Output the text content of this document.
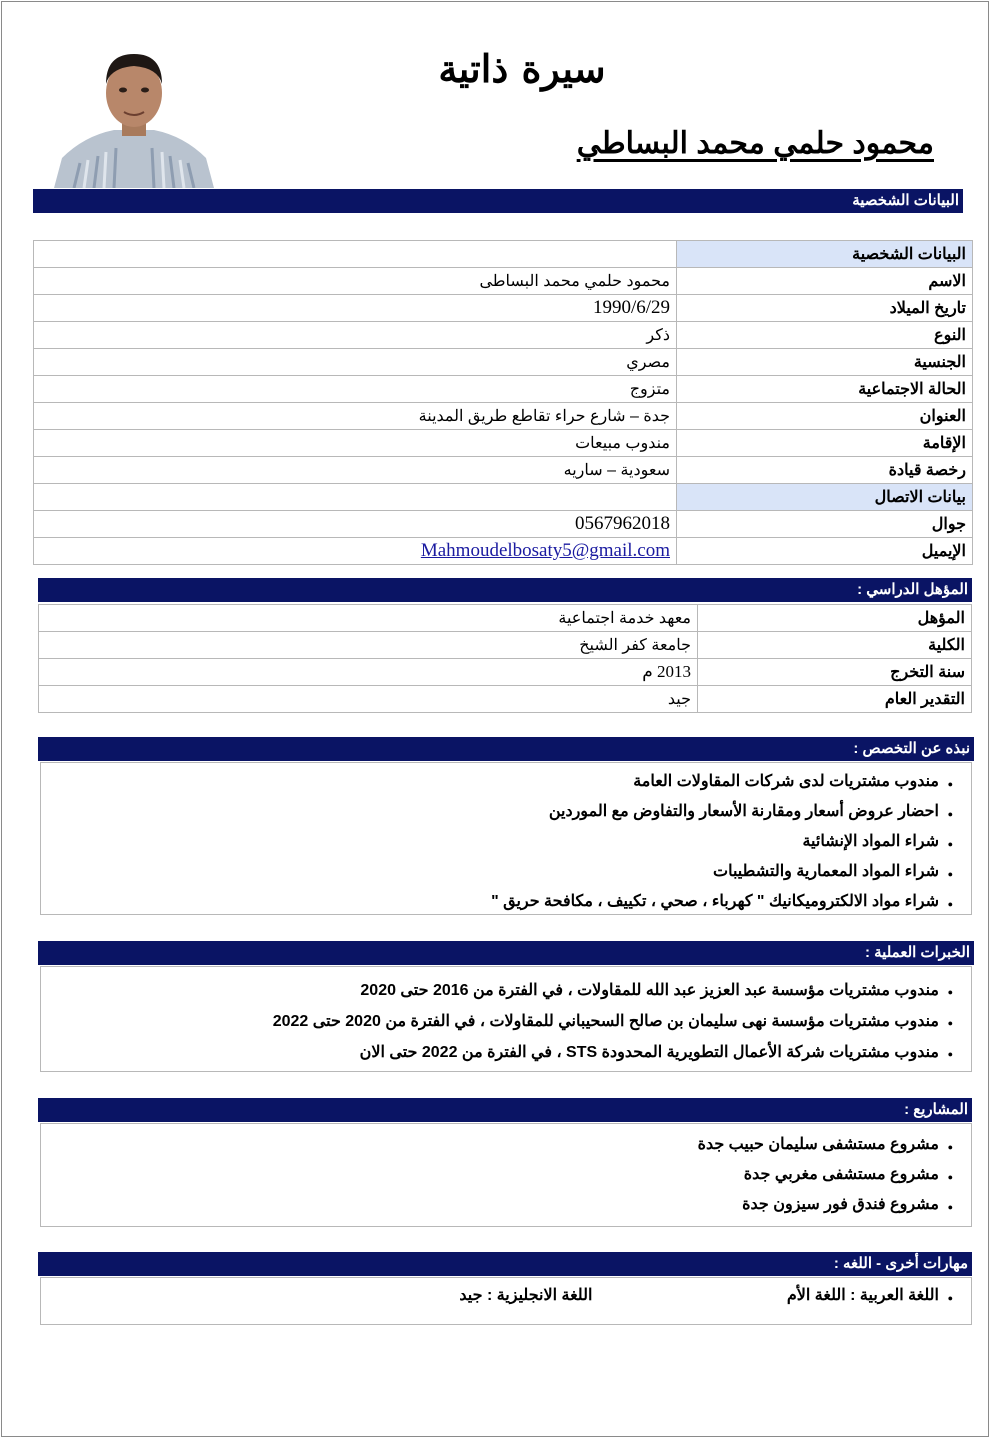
سيرة ذاتية
محمود حلمي محمد البساطي
البيانات الشخصية
البيانات الشخصية	
الاسم	محمود حلمي محمد البساطى
تاريخ الميلاد	1990/6/29
النوع	ذكر
الجنسية	مصري
الحالة الاجتماعية	متزوج
العنوان	جدة – شارع حراء تقاطع طريق المدينة
الإقامة	مندوب مبيعات
رخصة قيادة	سعودية – ساريه
بيانات الاتصال	
جوال	0567962018
الإيميل	Mahmoudelbosaty5@gmail.com
المؤهل الدراسي :
المؤهل	معهد خدمة اجتماعية
الكلية	جامعة كفر الشيخ
سنة التخرج	2013 م
التقدير العام	جيد
نبذه عن التخصص :
● مندوب مشتريات لدى شركات المقاولات العامة
● احضار عروض أسعار ومقارنة الأسعار والتفاوض مع الموردين
● شراء المواد الإنشائية
● شراء المواد المعمارية والتشطيبات
● شراء مواد الالكتروميكانيك " كهرباء ، صحي ، تكييف ، مكافحة حريق "
الخبرات العملية :
● مندوب مشتريات مؤسسة عبد العزيز عبد الله للمقاولات ، في الفترة من 2016 حتى 2020
● مندوب مشتريات مؤسسة نهى سليمان بن صالح السحيباني للمقاولات ، في الفترة من 2020 حتى 2022
● مندوب مشتريات شركة الأعمال التطويرية المحدودة STS ، في الفترة من 2022 حتى الان
المشاريع :
● مشروع مستشفى سليمان حبيب جدة
● مشروع مستشفى مغربي جدة
● مشروع فندق فور سيزون جدة
مهارات أخرى - اللغه :
● اللغة العربية : اللغة الأم اللغة الانجليزية : جيد
